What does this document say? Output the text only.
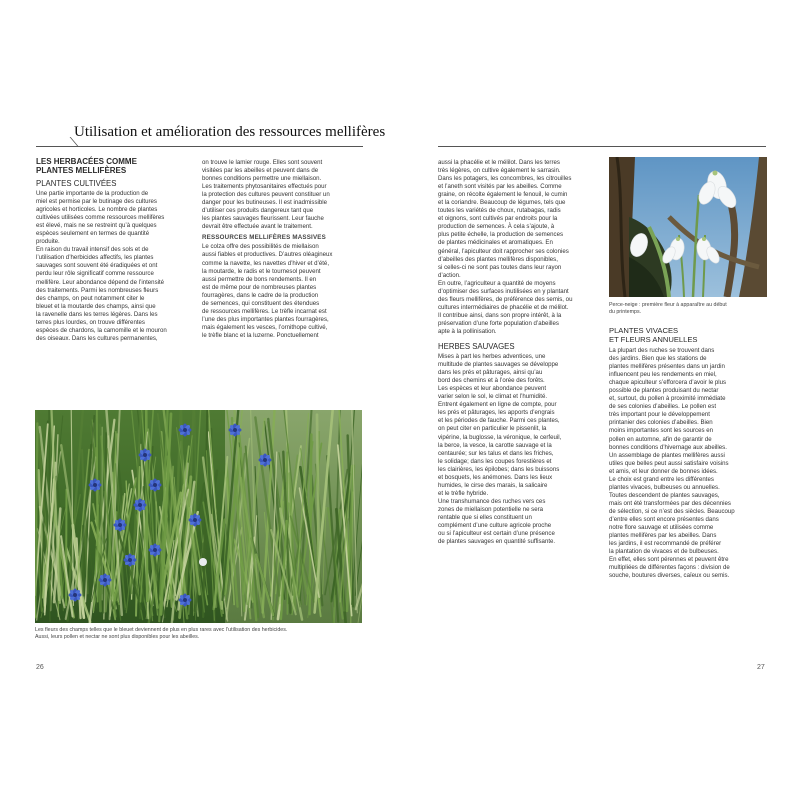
Utilisation et amélioration des ressources mellifères
LES HERBACÉES COMME
PLANTES MELLIFÈRES
PLANTES CULTIVÉES

Une partie importante de la production de

miel est permise par le butinage des cultures

agricoles et horticoles. Le nombre de plantes

cultivées utilisées comme ressources mellifères

est élevé, mais ne se restreint qu’à quelques

espèces seulement en termes de quantité

produite.

En raison du travail intensif des sols et de

l’utilisation d’herbicides affectifs, les plantes

sauvages sont souvent été éradiquées et ont

perdu leur rôle significatif comme ressource

mellifère. Leur abondance dépend de l’intensité

des traitements. Parmi les nombreuses fleurs

des champs, on peut notamment citer le

bleuet et la moutarde des champs, ainsi que

la ravenelle dans les terres légères. Dans les

terres plus lourdes, on trouve différentes

espèces de chardons, la camomille et le mouron

des oiseaux. Dans les cultures permanentes,

on trouve le lamier rouge. Elles sont souvent

visitées par les abeilles et peuvent dans de

bonnes conditions permettre une miellaison.

Les traitements phytosanitaires effectués pour

la protection des cultures peuvent constituer un

danger pour les butineuses. Il est inadmissible

d’utiliser ces produits dangereux tant que

les plantes sauvages fleurissent. Leur fauche

devrait être effectuée avant le traitement.

RESSOURCES MELLIFÈRES MASSIVES

Le colza offre des possibilités de miellaison

aussi fiables et productives. D’autres oléagineux

comme la navette, les navettes d’hiver et d’été,

la moutarde, le radis et le tournesol peuvent

aussi permettre de bons rendements. Il en

est de même pour de nombreuses plantes

fourragères, dans le cadre de la production

de semences, qui constituent des étendues

de ressources mellifères. Le trèfle incarnat est

l’une des plus importantes plantes fourragères,

mais également les vesces, l’ornithope cultivé,

le trèfle blanc et la luzerne. Ponctuellement

Les fleurs des champs telles que le bleuet deviennent de plus en plus rares avec l’utilisation des herbicides.
Aussi, leurs pollen et nectar ne sont plus disponibles pour les abeilles.
26

aussi la phacélie et le mélilot. Dans les terres

très légères, on cultive également le sarrasin.

Dans les potagers, les concombres, les citrouilles

et l’aneth sont visités par les abeilles. Comme

graine, on récolte également le fenouil, le cumin

et la coriandre. Beaucoup de légumes, tels que

toutes les variétés de choux, rutabagas, radis

et oignons, sont cultivés par endroits pour la

production de semences. À cela s’ajoute, à

plus petite échelle, la production de semences

de plantes médicinales et aromatiques. En

général, l’apiculteur doit rapprocher ses colonies

d’abeilles des plantes mellifères disponibles,

si celles-ci ne sont pas toutes dans leur rayon

d’action.

En outre, l’agriculteur a quantité de moyens

d’optimiser des surfaces inutilisées en y plantant

des fleurs mellifères, de préférence des semis, ou

cultures intermédiaires de phacélie et de mélilot.

Il contribue ainsi, dans son propre intérêt, à la

préservation d’une forte population d’abeilles

apte à la pollinisation.

HERBES SAUVAGES

Mises à part les herbes adventices, une

multitude de plantes sauvages se développe

dans les prés et pâturages, ainsi qu’au

bord des chemins et à l’orée des forêts.

Les espèces et leur abondance peuvent

varier selon le sol, le climat et l’humidité.

Entrent également en ligne de compte, pour

les prés et pâturages, les apports d’engrais

et les périodes de fauche. Parmi ces plantes,

on peut citer en particulier le pissenlit, la

vipérine, la buglosse, la véronique, le cerfeuil,

la berce, la vesce, la carotte sauvage et la

centaurée; sur les talus et dans les friches,

le solidage; dans les coupes forestières et

les clairières, les épilobes; dans les buissons

et bosquets, les anémones. Dans les lieux

humides, le cirse des marais, la salicaire

et le trèfle hybride.

Une transhumance des ruches vers ces

zones de miellaison potentielle ne sera

rentable que si elles constituent un

complément d’une culture agricole proche

ou si l’apiculteur est certain d’une présence

de plantes sauvages en quantité suffisante.

Perce-neige : première fleur à apparaître au début
du printemps.
PLANTES VIVACES
ET FLEURS ANNUELLES

La plupart des ruches se trouvent dans

des jardins. Bien que les stations de

plantes mellifères présentes dans un jardin

influencent peu les rendements en miel,

chaque apiculteur s’efforcera d’avoir le plus

possible de plantes produisant du nectar

et, surtout, du pollen à proximité immédiate

de ses colonies d’abeilles. Le pollen est

très important pour le développement

printanier des colonies d’abeilles. Bien

moins importantes sont les sources en

pollen en automne, afin de garantir de

bonnes conditions d’hivernage aux abeilles.

Un assemblage de plantes mellifères aussi

utiles que belles peut aussi satisfaire voisins

et amis, et leur donner de bonnes idées.

Le choix est grand entre les différentes

plantes vivaces, bulbeuses ou annuelles.

Toutes descendent de plantes sauvages,

mais ont été transformées par des décennies

de sélection, si ce n’est des siècles. Beaucoup

d’entre elles sont encore présentes dans

notre flore sauvage et utilisées comme

plantes mellifères par les abeilles. Dans

les jardins, il est recommandé de préférer

la plantation de vivaces et de bulbeuses.

En effet, elles sont pérennes et peuvent être

multipliées de différentes façons : division de

souche, boutures diverses, caïeux ou semis.

27
